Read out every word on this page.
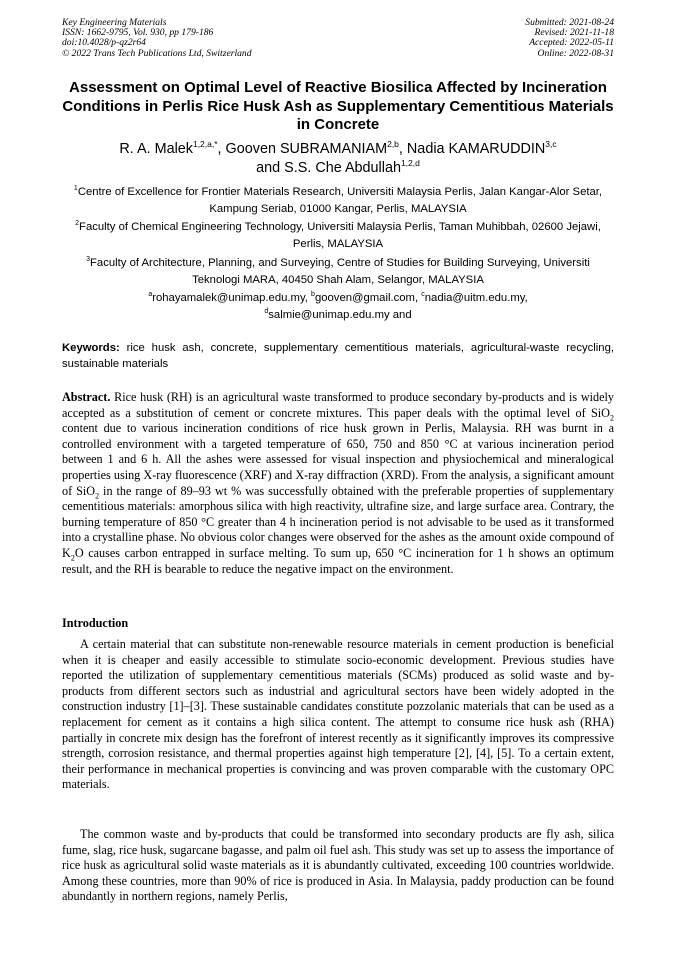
Key Engineering Materials
ISSN: 1662-9795, Vol. 930, pp 179-186
doi:10.4028/p-qz2r64
© 2022 Trans Tech Publications Ltd, Switzerland
Submitted: 2021-08-24
Revised: 2021-11-18
Accepted: 2022-05-11
Online: 2022-08-31
Assessment on Optimal Level of Reactive Biosilica Affected by Incineration Conditions in Perlis Rice Husk Ash as Supplementary Cementitious Materials in Concrete
R. A. Malek$^{1,2,a,*}$, Gooven SUBRAMANIAM$^{2,b}$, Nadia KAMARUDDIN$^{3,c}$
and S.S. Che Abdullah$^{1,2,d}$
$^1$Centre of Excellence for Frontier Materials Research, Universiti Malaysia Perlis, Jalan Kangar-Alor Setar, Kampung Seriab, 01000 Kangar, Perlis, MALAYSIA
$^2$Faculty of Chemical Engineering Technology, Universiti Malaysia Perlis, Taman Muhibbah, 02600 Jejawi, Perlis, MALAYSIA
$^3$Faculty of Architecture, Planning, and Surveying, Centre of Studies for Building Surveying, Universiti Teknologi MARA, 40450 Shah Alam, Selangor, MALAYSIA
$^a$rohayamalek@unimap.edu.my, $^b$gooven@gmail.com, $^c$nadia@uitm.edu.my,
$^d$salmie@unimap.edu.my and
Keywords: rice husk ash, concrete, supplementary cementitious materials, agricultural-waste recycling, sustainable materials
Abstract. Rice husk (RH) is an agricultural waste transformed to produce secondary by-products and is widely accepted as a substitution of cement or concrete mixtures. This paper deals with the optimal level of SiO$_2$ content due to various incineration conditions of rice husk grown in Perlis, Malaysia. RH was burnt in a controlled environment with a targeted temperature of 650, 750 and 850 °C at various incineration period between 1 and 6 h. All the ashes were assessed for visual inspection and physiochemical and mineralogical properties using X-ray fluorescence (XRF) and X-ray diffraction (XRD). From the analysis, a significant amount of SiO$_2$ in the range of 89–93 wt % was successfully obtained with the preferable properties of supplementary cementitious materials: amorphous silica with high reactivity, ultrafine size, and large surface area. Contrary, the burning temperature of 850 °C greater than 4 h incineration period is not advisable to be used as it transformed into a crystalline phase. No obvious color changes were observed for the ashes as the amount oxide compound of $K_2O$ causes carbon entrapped in surface melting. To sum up, 650 °C incineration for 1 h shows an optimum result, and the RH is bearable to reduce the negative impact on the environment.
Introduction
A certain material that can substitute non-renewable resource materials in cement production is beneficial when it is cheaper and easily accessible to stimulate socio-economic development. Previous studies have reported the utilization of supplementary cementitious materials (SCMs) produced as solid waste and by-products from different sectors such as industrial and agricultural sectors have been widely adopted in the construction industry [1]–[3]. These sustainable candidates constitute pozzolanic materials that can be used as a replacement for cement as it contains a high silica content. The attempt to consume rice husk ash (RHA) partially in concrete mix design has the forefront of interest recently as it significantly improves its compressive strength, corrosion resistance, and thermal properties against high temperature [2], [4], [5]. To a certain extent, their performance in mechanical properties is convincing and was proven comparable with the customary OPC materials.
The common waste and by-products that could be transformed into secondary products are fly ash, silica fume, slag, rice husk, sugarcane bagasse, and palm oil fuel ash. This study was set up to assess the importance of rice husk as agricultural solid waste materials as it is abundantly cultivated, exceeding 100 countries worldwide. Among these countries, more than 90% of rice is produced in Asia. In Malaysia, paddy production can be found abundantly in northern regions, namely Perlis,
